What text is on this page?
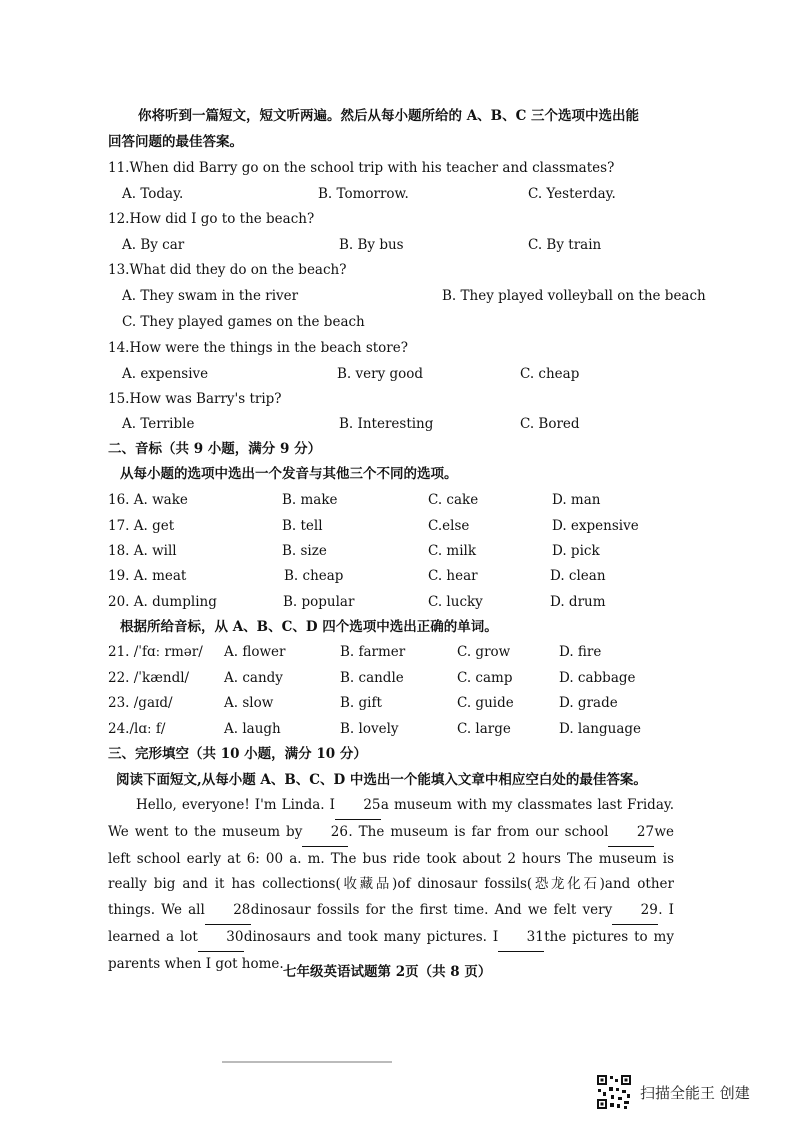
你将听到一篇短文，短文听两遍。然后从每小题所给的 A、B、C 三个选项中选出能
回答问题的最佳答案。
11.When did Barry go on the school trip with his teacher and classmates?
A. Today.	B. Tomorrow.	C. Yesterday.
12.How did I go to the beach?
A. By car	B. By bus	C. By train
13.What did they do on the beach?
A. They swam in the river	B. They played volleyball on the beach
C. They played games on the beach
14.How were the things in the beach store?
A. expensive	B. very good	C. cheap
15.How was Barry's trip?
A. Terrible	B. Interesting	C. Bored
二、音标（共 9 小题，满分 9 分）
从每小题的选项中选出一个发音与其他三个不同的选项。
16. A. wake	B. make	C. cake	D. man
17. A. get	B. tell	C.else	D. expensive
18. A. will	B. size	C. milk	D. pick
19. A. meat	B. cheap	C. hear	D. clean
20. A. dumpling	B. popular	C. lucky	D. drum
根据所给音标，从 A、B、C、D 四个选项中选出正确的单词。
21. /ˈfɑː rmər/ A. flower	B. farmer	C. grow	D. fire
22. /ˈkændl/	A. candy	B. candle	C. camp	D. cabbage
23. /gaɪd/	A. slow	B. gift	C. guide	D. grade
24./lɑː f/	A. laugh	B. lovely	C. large	D. language
三、完形填空（共 10 小题，满分 10 分）
阅读下面短文,从每小题 A、B、C、D 中选出一个能填入文章中相应空白处的最佳答案。
Hello, everyone! I'm Linda. I 25a museum with my classmates last Friday. We went to the museum by 26. The museum is far from our school 27we left school early at 6: 00 a. m. The bus ride took about 2 hours The museum is really big and it has collections(收藏品)of dinosaur fossils(恐龙化石)and other things. We all 28dinosaur fossils for the first time. And we felt very 29. I learned a lot 30dinosaurs and took many pictures. I 31the pictures to my parents when I got home.
七年级英语试题第 2页（共 8 页）
扫描全能王 创建
